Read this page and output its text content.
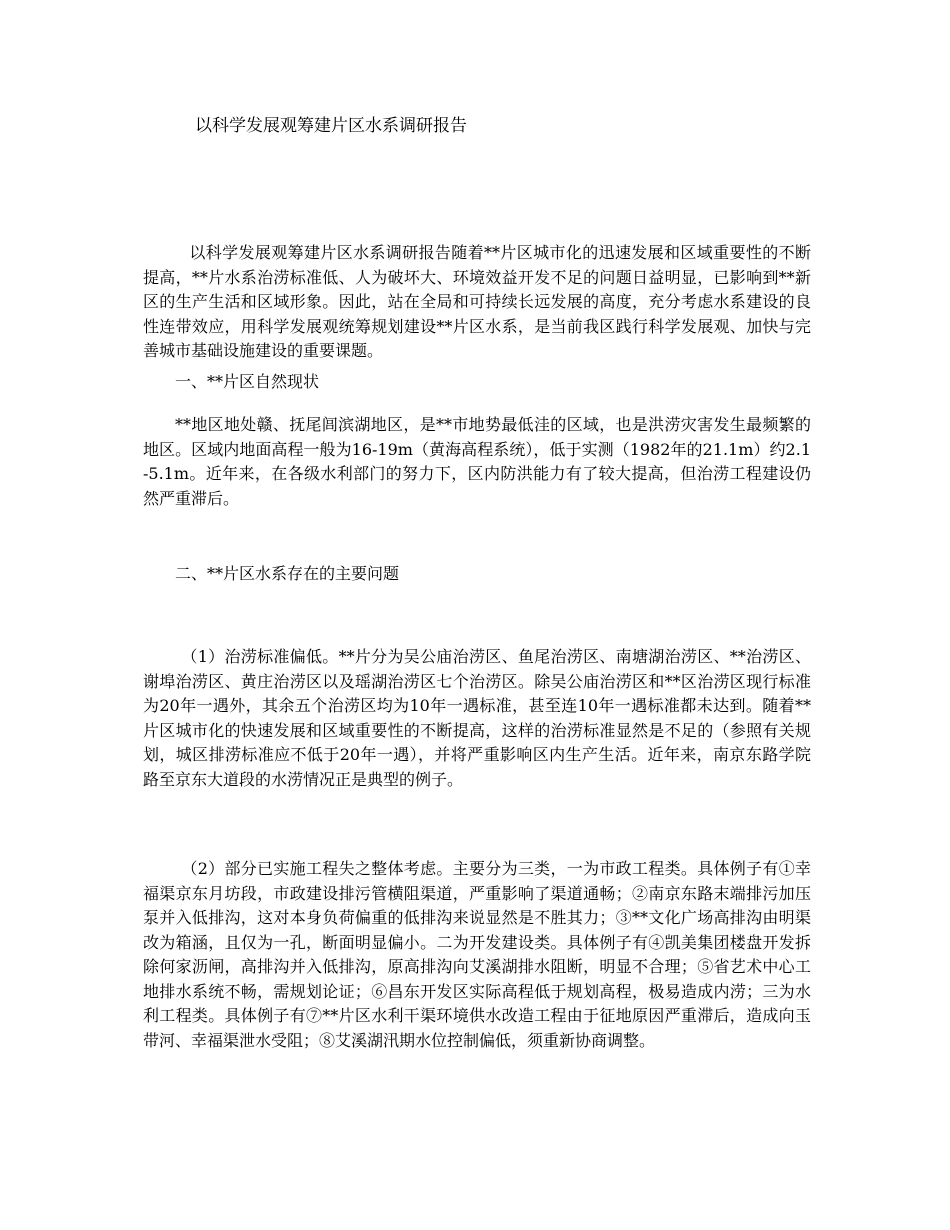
以科学发展观筹建片区水系调研报告

以科学发展观筹建片区水系调研报告随着**片区城市化的迅速发展和区域重要性的不断提高，**片水系治涝标准低、人为破坏大、环境效益开发不足的问题日益明显，已影响到**新区的生产生活和区域形象。因此，站在全局和可持续长远发展的高度，充分考虑水系建设的良性连带效应，用科学发展观统筹规划建设**片区水系，是当前我区践行科学发展观、加快与完善城市基础设施建设的重要课题。

一、**片区自然现状

**地区地处赣、抚尾闾滨湖地区，是**市地势最低洼的区域，也是洪涝灾害发生最频繁的地区。区域内地面高程一般为16-19m（黄海高程系统），低于实测（1982年的21.1m）约2.1-5.1m。近年来，在各级水利部门的努力下，区内防洪能力有了较大提高，但治涝工程建设仍然严重滞后。

二、**片区水系存在的主要问题

（1）治涝标准偏低。**片分为吴公庙治涝区、鱼尾治涝区、南塘湖治涝区、**治涝区、谢埠治涝区、黄庄治涝区以及瑶湖治涝区七个治涝区。除吴公庙治涝区和**区治涝区现行标准为20年一遇外，其余五个治涝区均为10年一遇标准，甚至连10年一遇标准都未达到。随着**片区城市化的快速发展和区域重要性的不断提高，这样的治涝标准显然是不足的（参照有关规划，城区排涝标准应不低于20年一遇），并将严重影响区内生产生活。近年来，南京东路学院路至京东大道段的水涝情况正是典型的例子。

（2）部分已实施工程失之整体考虑。主要分为三类，一为市政工程类。具体例子有①幸福渠京东月坊段，市政建设排污管横阻渠道，严重影响了渠道通畅；②南京东路末端排污加压泵并入低排沟，这对本身负荷偏重的低排沟来说显然是不胜其力；③**文化广场高排沟由明渠改为箱涵，且仅为一孔，断面明显偏小。二为开发建设类。具体例子有④凯美集团楼盘开发拆除何家沥闸，高排沟并入低排沟，原高排沟向艾溪湖排水阻断，明显不合理；⑤省艺术中心工地排水系统不畅，需规划论证；⑥昌东开发区实际高程低于规划高程，极易造成内涝；三为水利工程类。具体例子有⑦**片区水利干渠环境供水改造工程由于征地原因严重滞后，造成向玉带河、幸福渠泄水受阻；⑧艾溪湖汛期水位控制偏低，须重新协商调整。
